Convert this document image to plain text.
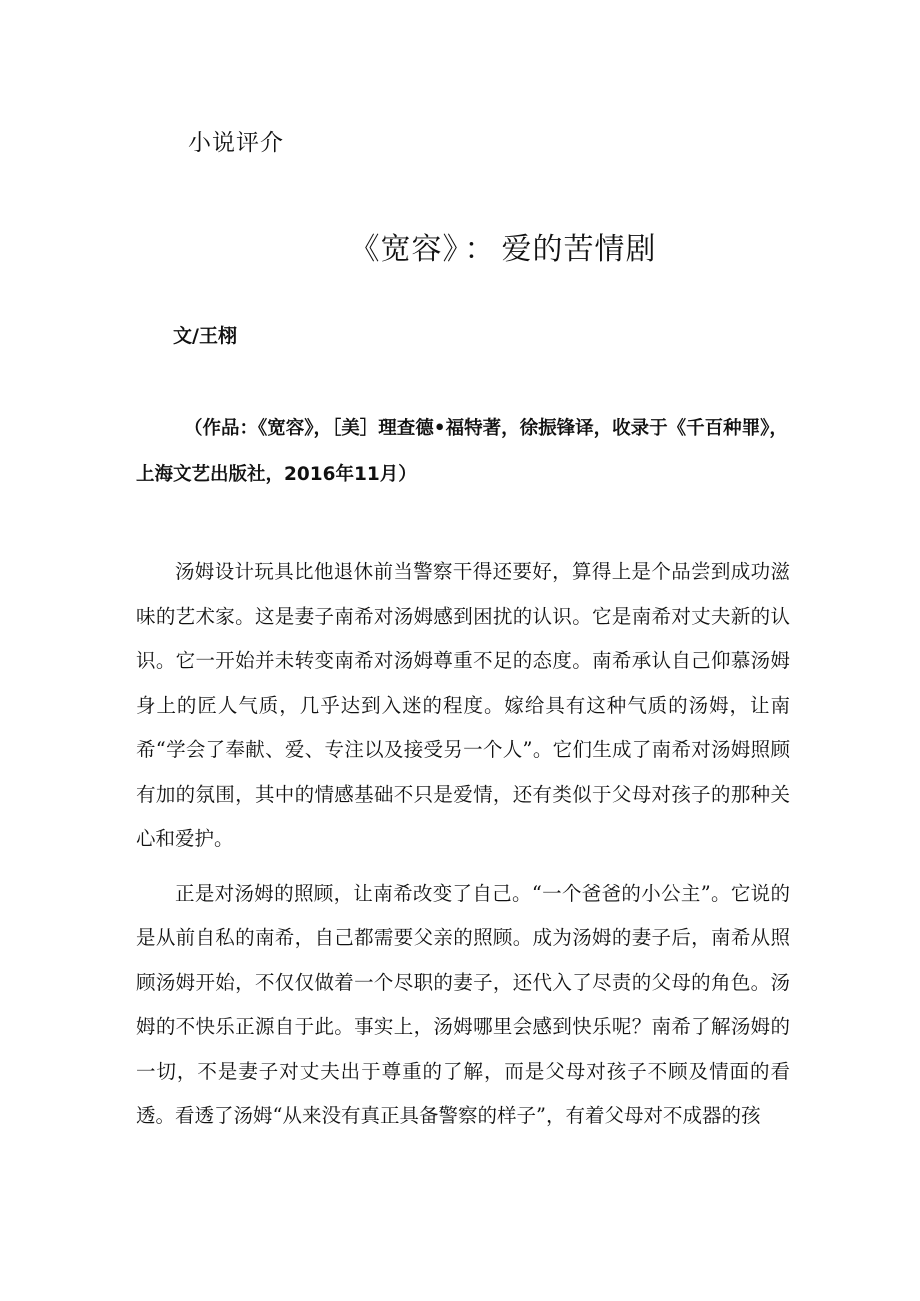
小说评介
《宽容》 ： 爱的苦情剧
文/王栩
（作品：《宽容》，［美］理查德•福特著，徐振锋译，收录于《千百种罪》，上海文艺出版社，2016年11月）

汤姆设计玩具比他退休前当警察干得还要好，算得上是个品尝到成功滋味的艺术家。这是妻子南希对汤姆感到困扰的认识。它是南希对丈夫新的认识。它一开始并未转变南希对汤姆尊重不足的态度。南希承认自己仰慕汤姆身上的匠人气质，几乎达到入迷的程度。嫁给具有这种气质的汤姆，让南希“学会了奉献、爱、专注以及接受另一个人”。它们生成了南希对汤姆照顾有加的氛围，其中的情感基础不只是爱情，还有类似于父母对孩子的那种关心和爱护。

正是对汤姆的照顾，让南希改变了自己。“一个爸爸的小公主”。它说的是从前自私的南希，自己都需要父亲的照顾。成为汤姆的妻子后，南希从照顾汤姆开始，不仅仅做着一个尽职的妻子，还代入了尽责的父母的角色。汤姆的不快乐正源自于此。事实上，汤姆哪里会感到快乐呢？南希了解汤姆的一切，不是妻子对丈夫出于尊重的了解，而是父母对孩子不顾及情面的看透。看透了汤姆“从来没有真正具备警察的样子”，有着父母对不成器的孩
